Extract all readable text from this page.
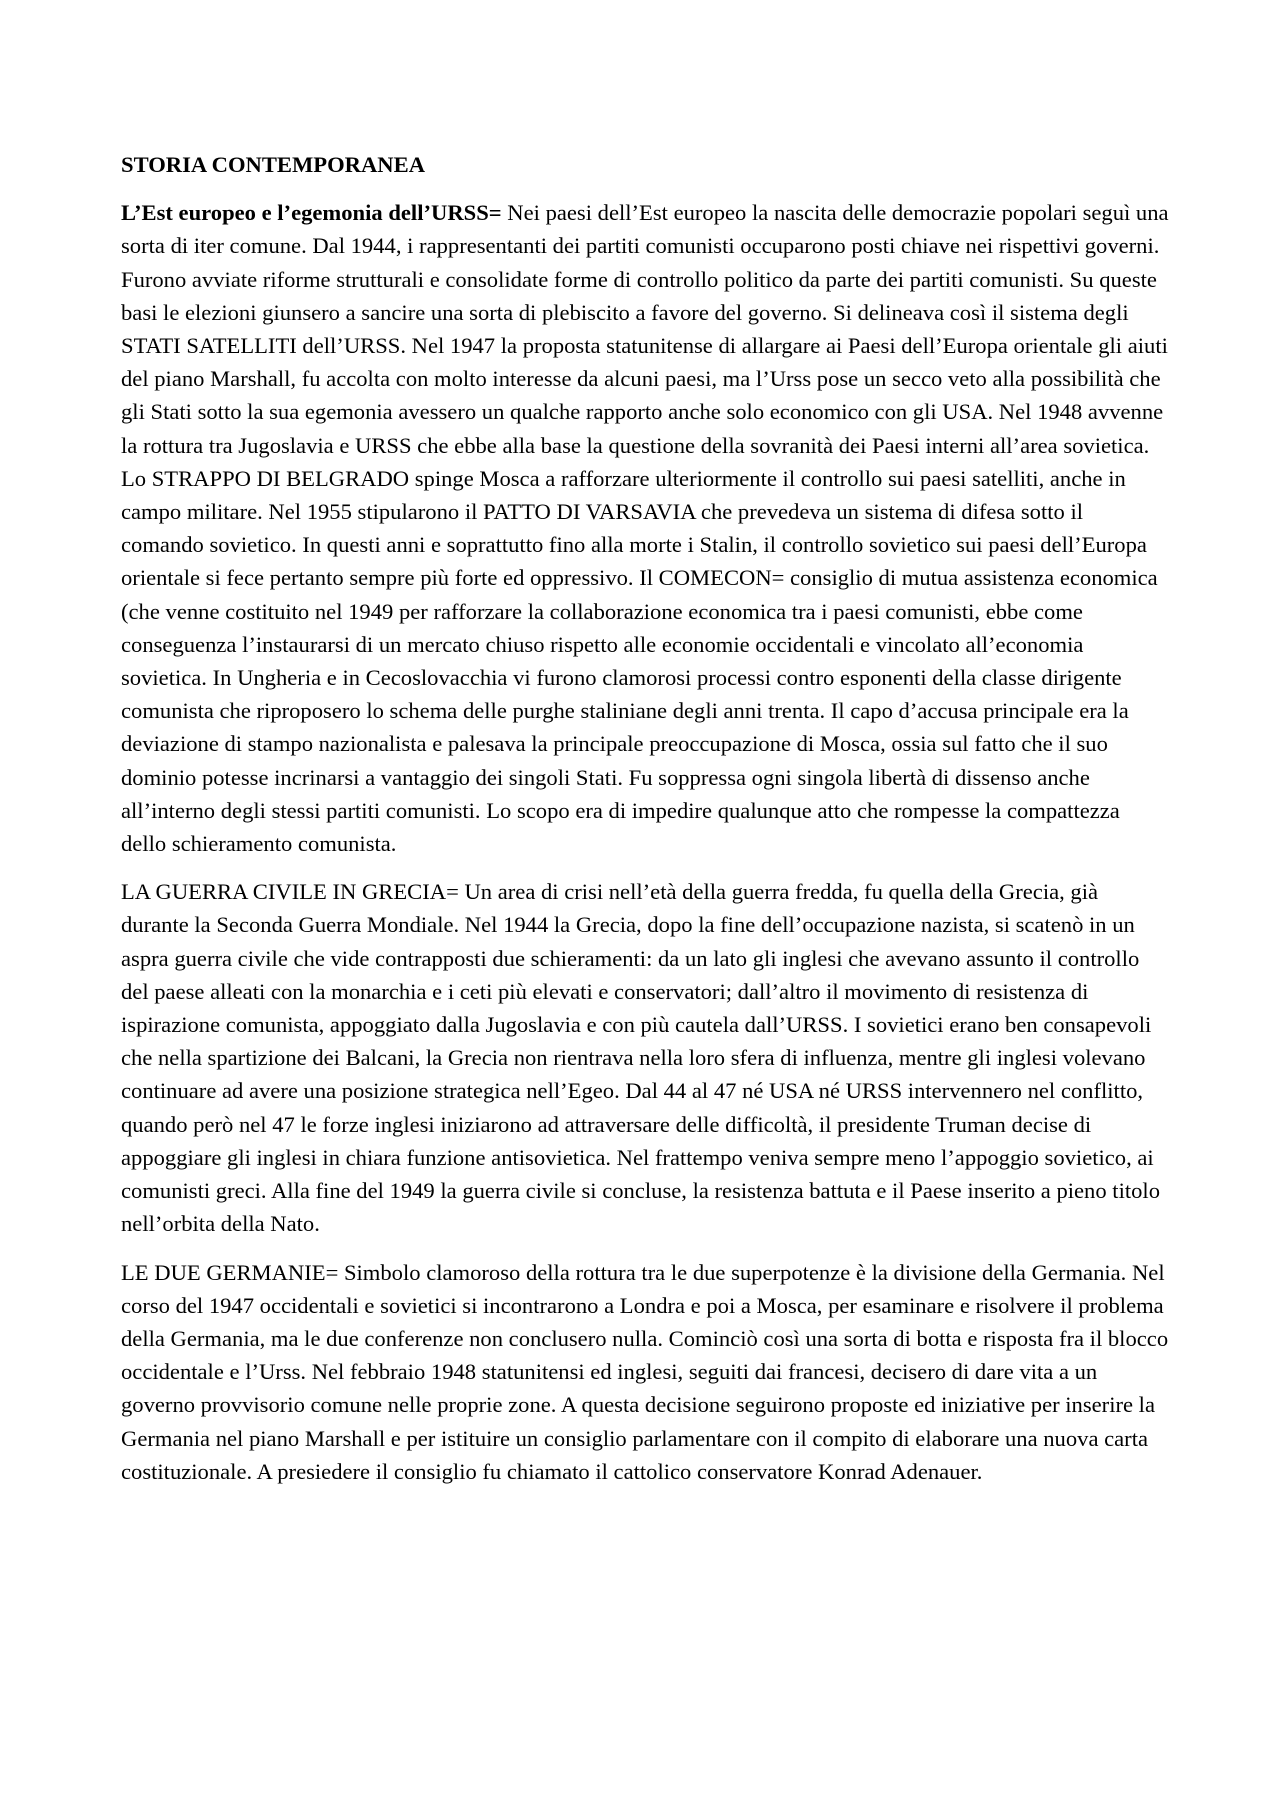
STORIA CONTEMPORANEA

L’Est europeo e l’egemonia dell’URSS= Nei paesi dell’Est europeo la nascita delle democrazie popolari seguì una sorta di iter comune. Dal 1944, i rappresentanti dei partiti comunisti occuparono posti chiave nei rispettivi governi. Furono avviate riforme strutturali e consolidate forme di controllo politico da parte dei partiti comunisti. Su queste basi le elezioni giunsero a sancire una sorta di plebiscito a favore del governo. Si delineava così il sistema degli STATI SATELLITI dell’URSS. Nel 1947 la proposta statunitense di allargare ai Paesi dell’Europa orientale gli aiuti del piano Marshall, fu accolta con molto interesse da alcuni paesi, ma l’Urss pose un secco veto alla possibilità che gli Stati sotto la sua egemonia avessero un qualche rapporto anche solo economico con gli USA. Nel 1948 avvenne la rottura tra Jugoslavia e URSS che ebbe alla base la questione della sovranità dei Paesi interni all’area sovietica. Lo STRAPPO DI BELGRADO spinge Mosca a rafforzare ulteriormente il controllo sui paesi satelliti, anche in campo militare. Nel 1955 stipularono il PATTO DI VARSAVIA che prevedeva un sistema di difesa sotto il comando sovietico. In questi anni e soprattutto fino alla morte i Stalin, il controllo sovietico sui paesi dell’Europa orientale si fece pertanto sempre più forte ed oppressivo. Il COMECON= consiglio di mutua assistenza economica (che venne costituito nel 1949 per rafforzare la collaborazione economica tra i paesi comunisti, ebbe come conseguenza l’instaurarsi di un mercato chiuso rispetto alle economie occidentali e vincolato all’economia sovietica. In Ungheria e in Cecoslovacchia vi furono clamorosi processi contro esponenti della classe dirigente comunista che riproposero lo schema delle purghe staliniane degli anni trenta. Il capo d’accusa principale era la deviazione di stampo nazionalista e palesava la principale preoccupazione di Mosca, ossia sul fatto che il suo dominio potesse incrinarsi a vantaggio dei singoli Stati. Fu soppressa ogni singola libertà di dissenso anche all’interno degli stessi partiti comunisti. Lo scopo era di impedire qualunque atto che rompesse la compattezza dello schieramento comunista.

LA GUERRA CIVILE IN GRECIA= Un area di crisi nell’età della guerra fredda, fu quella della Grecia, già durante la Seconda Guerra Mondiale. Nel 1944 la Grecia, dopo la fine dell’occupazione nazista, si scatenò in un aspra guerra civile che vide contrapposti due schieramenti: da un lato gli inglesi che avevano assunto il controllo del paese alleati con la monarchia e i ceti più elevati e conservatori; dall’altro il movimento di resistenza di ispirazione comunista, appoggiato dalla Jugoslavia e con più cautela dall’URSS. I sovietici erano ben consapevoli che nella spartizione dei Balcani, la Grecia non rientrava nella loro sfera di influenza, mentre gli inglesi volevano continuare ad avere una posizione strategica nell’Egeo. Dal 44 al 47 né USA né URSS intervennero nel conflitto, quando però nel 47 le forze inglesi iniziarono ad attraversare delle difficoltà, il presidente Truman decise di appoggiare gli inglesi in chiara funzione antisovietica. Nel frattempo veniva sempre meno l’appoggio sovietico, ai comunisti greci. Alla fine del 1949 la guerra civile si concluse, la resistenza battuta e il Paese inserito a pieno titolo nell’orbita della Nato.

LE DUE GERMANIE= Simbolo clamoroso della rottura tra le due superpotenze è la divisione della Germania. Nel corso del 1947 occidentali e sovietici si incontrarono a Londra e poi a Mosca, per esaminare e risolvere il problema della Germania, ma le due conferenze non conclusero nulla. Cominciò così una sorta di botta e risposta fra il blocco occidentale e l’Urss. Nel febbraio 1948 statunitensi ed inglesi, seguiti dai francesi, decisero di dare vita a un governo provvisorio comune nelle proprie zone. A questa decisione seguirono proposte ed iniziative per inserire la Germania nel piano Marshall e per istituire un consiglio parlamentare con il compito di elaborare una nuova carta costituzionale. A presiedere il consiglio fu chiamato il cattolico conservatore Konrad Adenauer.
